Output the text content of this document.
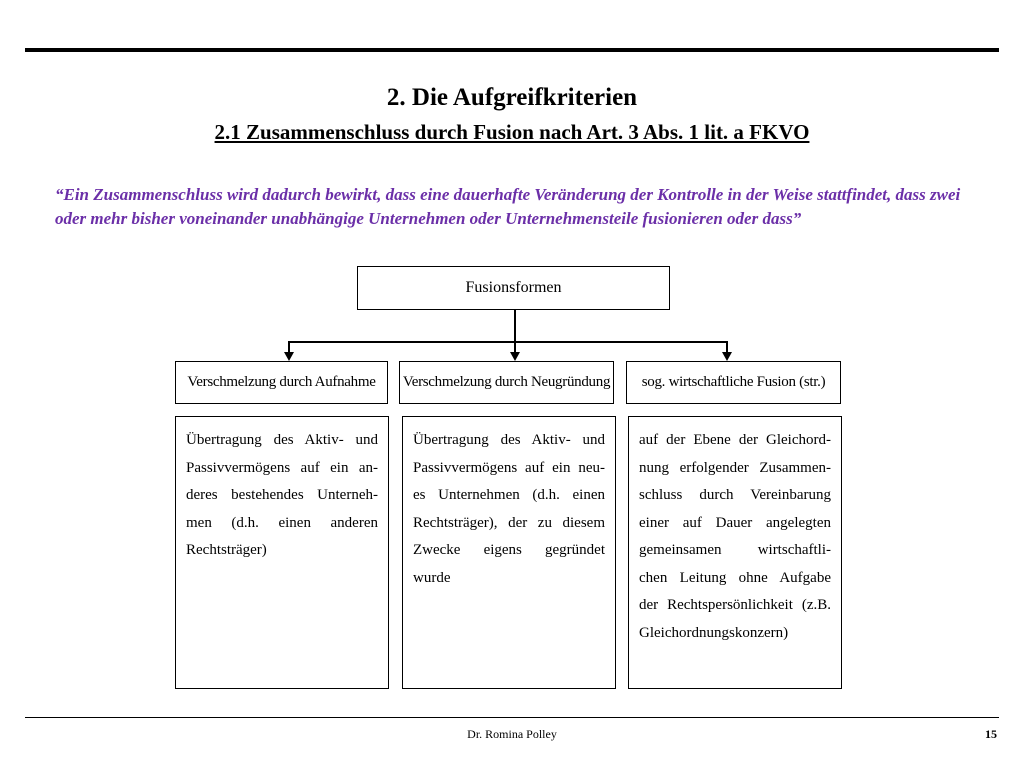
2. Die Aufgreifkriterien
2.1 Zusammenschluss durch Fusion nach Art. 3 Abs. 1 lit. a FKVO

“Ein Zusammenschluss wird dadurch bewirkt, dass eine dauerhafte Veränderung der Kontrolle in der Weise stattfindet, dass zwei oder mehr bisher voneinander unabhängige Unternehmen oder Unternehmensteile fusionieren oder dass”

Fusionsformen
Verschmelzung durch Aufnahme Verschmelzung durch Neugründung sog. wirtschaftliche Fusion (str.)
Übertragung des Aktiv- und
Passivvermögens auf ein an-
deres bestehendes Unterneh-
men (d.h. einen anderen
Rechtsträger)
Übertragung des Aktiv- und
Passivvermögens auf ein neu-
es Unternehmen (d.h. einen
Rechtsträger), der zu diesem
Zwecke eigens gegründet
wurde
auf der Ebene der Gleichord-
nung erfolgender Zusammen-
schluss durch Vereinbarung
einer auf Dauer angelegten
gemeinsamen wirtschaftli-
chen Leitung ohne Aufgabe
der Rechtspersönlichkeit (z.B.
Gleichordnungskonzern)
Dr. Romina Polley	15
